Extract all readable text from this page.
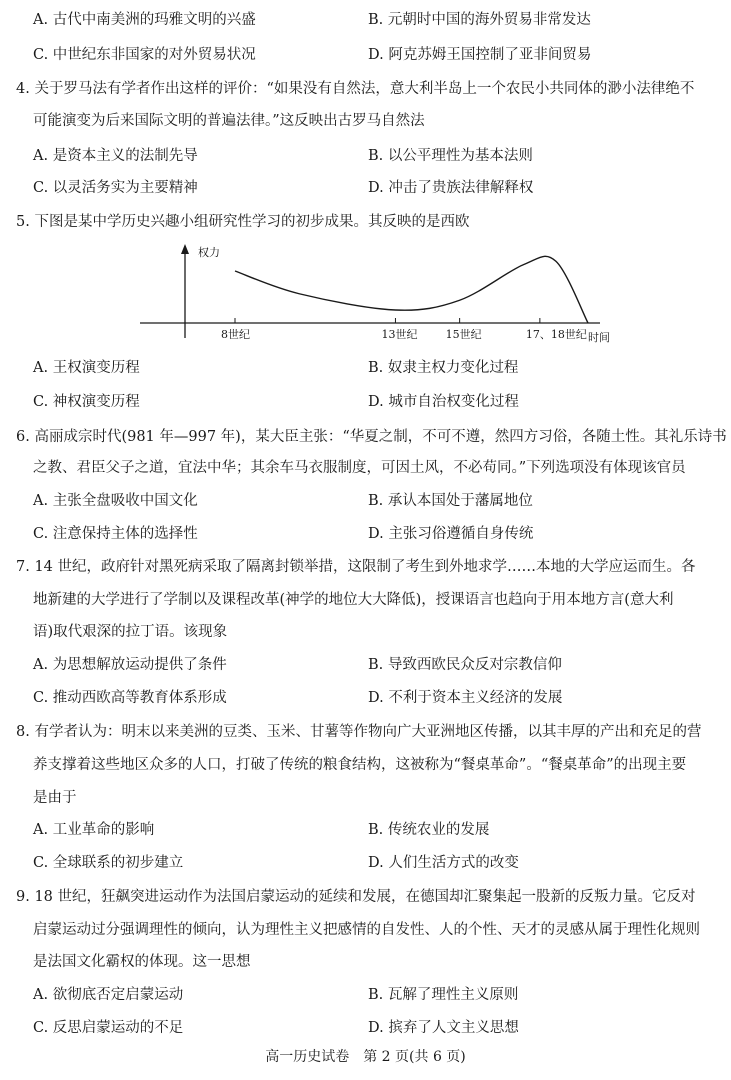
A. 古代中南美洲的玛雅文明的兴盛	B. 元朝时中国的海外贸易非常发达
C. 中世纪东非国家的对外贸易状况	D. 阿克苏姆王国控制了亚非间贸易
4. 关于罗马法有学者作出这样的评价：“如果没有自然法，意大利半岛上一个农民小共同体的渺小法律绝不
可能演变为后来国际文明的普遍法律。”这反映出古罗马自然法
A. 是资本主义的法制先导	B. 以公平理性为基本法则
C. 以灵活务实为主要精神	D. 冲击了贵族法律解释权
5. 下图是某中学历史兴趣小组研究性学习的初步成果。其反映的是西欧
权力
时间
8世纪	13世纪	15世纪	17、18世纪
A. 王权演变历程	B. 奴隶主权力变化过程
C. 神权演变历程	D. 城市自治权变化过程
6. 高丽成宗时代(981 年—997 年)，某大臣主张：“华夏之制，不可不遵，然四方习俗，各随土性。其礼乐诗书
之教、君臣父子之道，宜法中华；其余车马衣服制度，可因土风，不必苟同。”下列选项没有体现该官员
A. 主张全盘吸收中国文化	B. 承认本国处于藩属地位
C. 注意保持主体的选择性	D. 主张习俗遵循自身传统
7. 14 世纪，政府针对黑死病采取了隔离封锁举措，这限制了考生到外地求学……本地的大学应运而生。各
地新建的大学进行了学制以及课程改革(神学的地位大大降低)，授课语言也趋向于用本地方言(意大利
语)取代艰深的拉丁语。该现象
A. 为思想解放运动提供了条件	B. 导致西欧民众反对宗教信仰
C. 推动西欧高等教育体系形成	D. 不利于资本主义经济的发展
8. 有学者认为：明末以来美洲的豆类、玉米、甘薯等作物向广大亚洲地区传播，以其丰厚的产出和充足的营
养支撑着这些地区众多的人口，打破了传统的粮食结构，这被称为“餐桌革命”。“餐桌革命”的出现主要
是由于
A. 工业革命的影响	B. 传统农业的发展
C. 全球联系的初步建立	D. 人们生活方式的改变
9. 18 世纪，狂飙突进运动作为法国启蒙运动的延续和发展，在德国却汇聚集起一股新的反叛力量。它反对
启蒙运动过分强调理性的倾向，认为理性主义把感情的自发性、人的个性、天才的灵感从属于理性化规则
是法国文化霸权的体现。这一思想
A. 欲彻底否定启蒙运动	B. 瓦解了理性主义原则
C. 反思启蒙运动的不足	D. 摈弃了人文主义思想
高一历史试卷　第 2 页(共 6 页)
